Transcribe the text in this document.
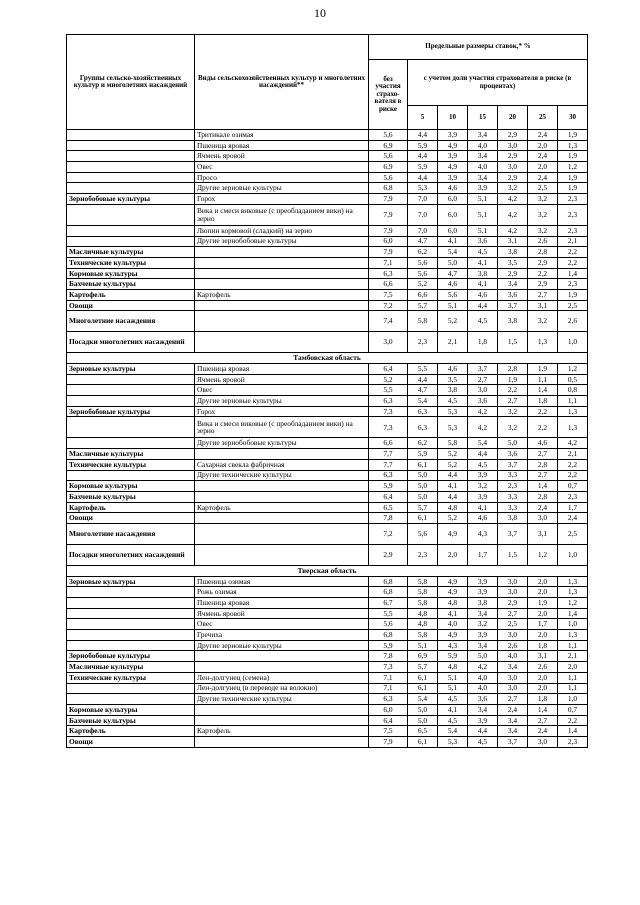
10
Группы сельско-хозяйственных культур и многолетних насаждений	Виды сельскохозяйственных культур и многолетних насаждений**	Предельные размеры ставок,* %						
		без участия страхо-вателя в риске	с учетом доли участия страхователя в риске (в процентах)					
			5	10	15	20	25	30
	Тритикале озимая	5,6	4,4	3,9	3,4	2,9	2,4	1,9
	Пшеница яровая	6,9	5,9	4,9	4,0	3,0	2,0	1,3
	Ячмень яровой	5,6	4,4	3,9	3,4	2,9	2,4	1,9
	Овес	6,9	5,9	4,9	4,0	3,0	2,0	1,2
	Просо	5,6	4,4	3,9	3,4	2,9	2,4	1,9
	Другие зерновые культуры	6,8	5,3	4,6	3,9	3,2	2,5	1,9
Зернобобовые культуры	Горох	7,9	7,0	6,0	5,1	4,2	3,2	2,3
	Вика и смеси виковые (с преобладанием вики) на зерно	7,9	7,0	6,0	5,1	4,2	3,2	2,3
	Люпин кормовой (сладкий) на зерно	7,9	7,0	6,0	5,1	4,2	3,2	2,3
	Другие зернобобовые культуры	6,0	4,7	4,1	3,6	3,1	2,6	2,1
Масличные культуры		7,9	6,2	5,4	4,5	3,8	2,8	2,2
Технические культуры		7,1	5,6	5,0	4,1	3,5	2,9	2,2
Кормовые культуры		6,3	5,6	4,7	3,8	2,9	2,2	1,4
Бахчевые культуры		6,6	5,2	4,6	4,1	3,4	2,9	2,3
Картофель	Картофель	7,5	6,6	5,6	4,6	3,6	2,7	1,9
Овощи		7,2	5,7	5,1	4,4	3,7	3,1	2,5
Многолетние насаждения		7,4	5,8	5,2	4,5	3,8	3,2	2,6
Посадки многолетних насаждений		3,0	2,3	2,1	1,8	1,5	1,3	1,0
Тамбовская область								
Зерновые культуры	Пшеница яровая	6,4	5,5	4,6	3,7	2,8	1,9	1,2
	Ячмень яровой	5,2	4,4	3,5	2,7	1,9	1,1	0,5
	Овес	5,5	4,7	3,8	3,0	2,2	1,4	0,8
	Другие зерновые культуры	6,3	5,4	4,5	3,6	2,7	1,8	1,1
Зернобобовые культуры	Горох	7,3	6,3	5,3	4,2	3,2	2,2	1,3
	Вика и смеси виковые (с преобладанием вики) на зерно	7,3	6,3	5,3	4,2	3,2	2,2	1,3
	Другие зернобобовые культуры	6,6	6,2	5,8	5,4	5,0	4,6	4,2
Масличные культуры		7,7	5,9	5,2	4,4	3,6	2,7	2,1
Технические культуры	Сахарная свекла фабричная	7,7	6,1	5,2	4,5	3,7	2,8	2,2
	Другие технические культуры	6,3	5,0	4,4	3,9	3,3	2,7	2,2
Кормовые культуры		5,9	5,0	4,1	3,2	2,3	1,4	0,7
Бахчевые культуры		6,4	5,0	4,4	3,9	3,3	2,8	2,3
Картофель	Картофель	6,5	5,7	4,8	4,1	3,3	2,4	1,7
Овощи		7,8	6,1	5,2	4,6	3,8	3,0	2,4
Многолетние насаждения		7,2	5,6	4,9	4,3	3,7	3,1	2,5
Посадки многолетних насаждений		2,9	2,3	2,0	1,7	1,5	1,2	1,0
Тверская область								
Зерновые культуры	Пшеница озимая	6,8	5,8	4,9	3,9	3,0	2,0	1,3
	Рожь озимая	6,8	5,8	4,9	3,9	3,0	2,0	1,3
	Пшеница яровая	6,7	5,8	4,8	3,8	2,9	1,9	1,2
	Ячмень яровой	5,5	4,8	4,1	3,4	2,7	2,0	1,4
	Овес	5,6	4,8	4,0	3,2	2,5	1,7	1,0
	Гречиха	6,8	5,8	4,9	3,9	3,0	2,0	1,3
	Другие зерновые культуры	5,9	5,1	4,3	3,4	2,6	1,8	1,1
Зернобобовые культуры		7,8	6,9	5,9	5,0	4,0	3,1	2,1
Масличные культуры		7,3	5,7	4,8	4,2	3,4	2,6	2,0
Технические культуры	Лен-долгунец (семена)	7,1	6,1	5,1	4,0	3,0	2,0	1,1
	Лен-долгунец (в переводе на волокно)	7,1	6,1	5,1	4,0	3,0	2,0	1,1
	Другие технические культуры	6,3	5,4	4,5	3,6	2,7	1,8	1,0
Кормовые культуры		6,0	5,0	4,1	3,4	2,4	1,4	0,7
Бахчевые культуры		6,4	5,0	4,5	3,9	3,4	2,7	2,2
Картофель	Картофель	7,5	6,5	5,4	4,4	3,4	2,4	1,4
Овощи		7,9	6,1	5,3	4,5	3,7	3,0	2,3
